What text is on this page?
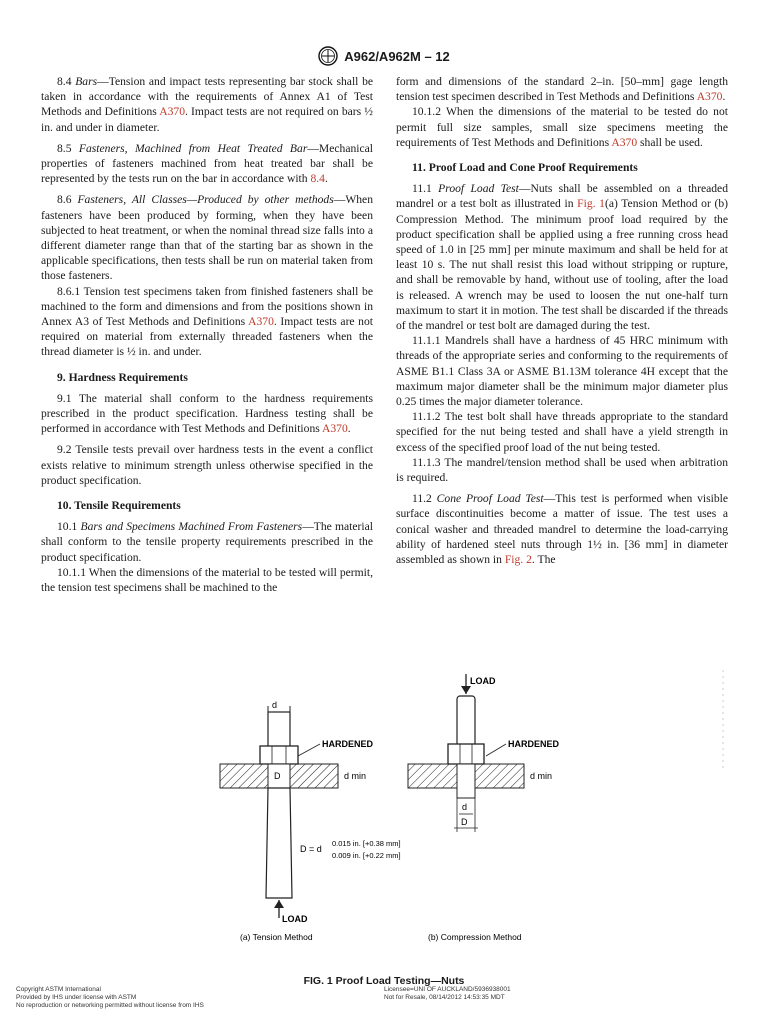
A962/A962M – 12

8.4 Bars—Tension and impact tests representing bar stock shall be taken in accordance with the requirements of Annex A1 of Test Methods and Definitions A370. Impact tests are not required on bars ½ in. and under in diameter.

8.5 Fasteners, Machined from Heat Treated Bar—Mechanical properties of fasteners machined from heat treated bar shall be represented by the tests run on the bar in accordance with 8.4.

8.6 Fasteners, All Classes—Produced by other methods—When fasteners have been produced by forming, when they have been subjected to heat treatment, or when the nominal thread size falls into a different diameter range than that of the starting bar as shown in the applicable specifications, then tests shall be run on material taken from those fasteners.

8.6.1 Tension test specimens taken from finished fasteners shall be machined to the form and dimensions and from the positions shown in Annex A3 of Test Methods and Definitions A370. Impact tests are not required on material from externally threaded fasteners when the thread diameter is ½ in. and under.

9. Hardness Requirements

9.1 The material shall conform to the hardness requirements prescribed in the product specification. Hardness testing shall be performed in accordance with Test Methods and Definitions A370.

9.2 Tensile tests prevail over hardness tests in the event a conflict exists relative to minimum strength unless otherwise specified in the product specification.

10. Tensile Requirements

10.1 Bars and Specimens Machined From Fasteners—The material shall conform to the tensile property requirements prescribed in the product specification.

10.1.1 When the dimensions of the material to be tested will permit, the tension test specimens shall be machined to the

form and dimensions of the standard 2–in. [50–mm] gage length tension test specimen described in Test Methods and Definitions A370.

10.1.2 When the dimensions of the material to be tested do not permit full size samples, small size specimens meeting the requirements of Test Methods and Definitions A370 shall be used.

11. Proof Load and Cone Proof Requirements

11.1 Proof Load Test—Nuts shall be assembled on a threaded mandrel or a test bolt as illustrated in Fig. 1(a) Tension Method or (b) Compression Method. The minimum proof load required by the product specification shall be applied using a free running cross head speed of 1.0 in [25 mm] per minute maximum and shall be held for at least 10 s. The nut shall resist this load without stripping or rupture, and shall be removable by hand, without use of tooling, after the load is released. A wrench may be used to loosen the nut one-half turn maximum to start it in motion. The test shall be discarded if the threads of the mandrel or test bolt are damaged during the test.

11.1.1 Mandrels shall have a hardness of 45 HRC minimum with threads of the appropriate series and conforming to the requirements of ASME B1.1 Class 3A or ASME B1.13M tolerance 4H except that the maximum major diameter shall be the minimum major diameter plus 0.25 times the major diameter tolerance.

11.1.2 The test bolt shall have threads appropriate to the standard specified for the nut being tested and shall have a yield strength in excess of the specified proof load of the nut being tested.

11.1.3 The mandrel/tension method shall be used when arbitration is required.

11.2 Cone Proof Load Test—This test is performed when visible surface discontinuities become a matter of issue. The test uses a conical washer and threaded mandrel to determine the load-carrying ability of hardened steel nuts through 1½ in. [36 mm] in diameter assembled as shown in Fig. 2. The

d
D
LOAD
HARDENED
d min
D = d
0.015 in. [+0.38 mm]
0.009 in. [+0.22 mm]
(a) Tension Method
LOAD
d
D
HARDENED
d min
(b) Compression Method
FIG. 1 Proof Load Testing—Nuts
Copyright ASTM International
Provided by IHS under license with ASTM
No reproduction or networking permitted without license from IHS
Licensee=UNI OF AUCKLAND/5936938001
Not for Resale, 08/14/2012 14:53:35 MDT
